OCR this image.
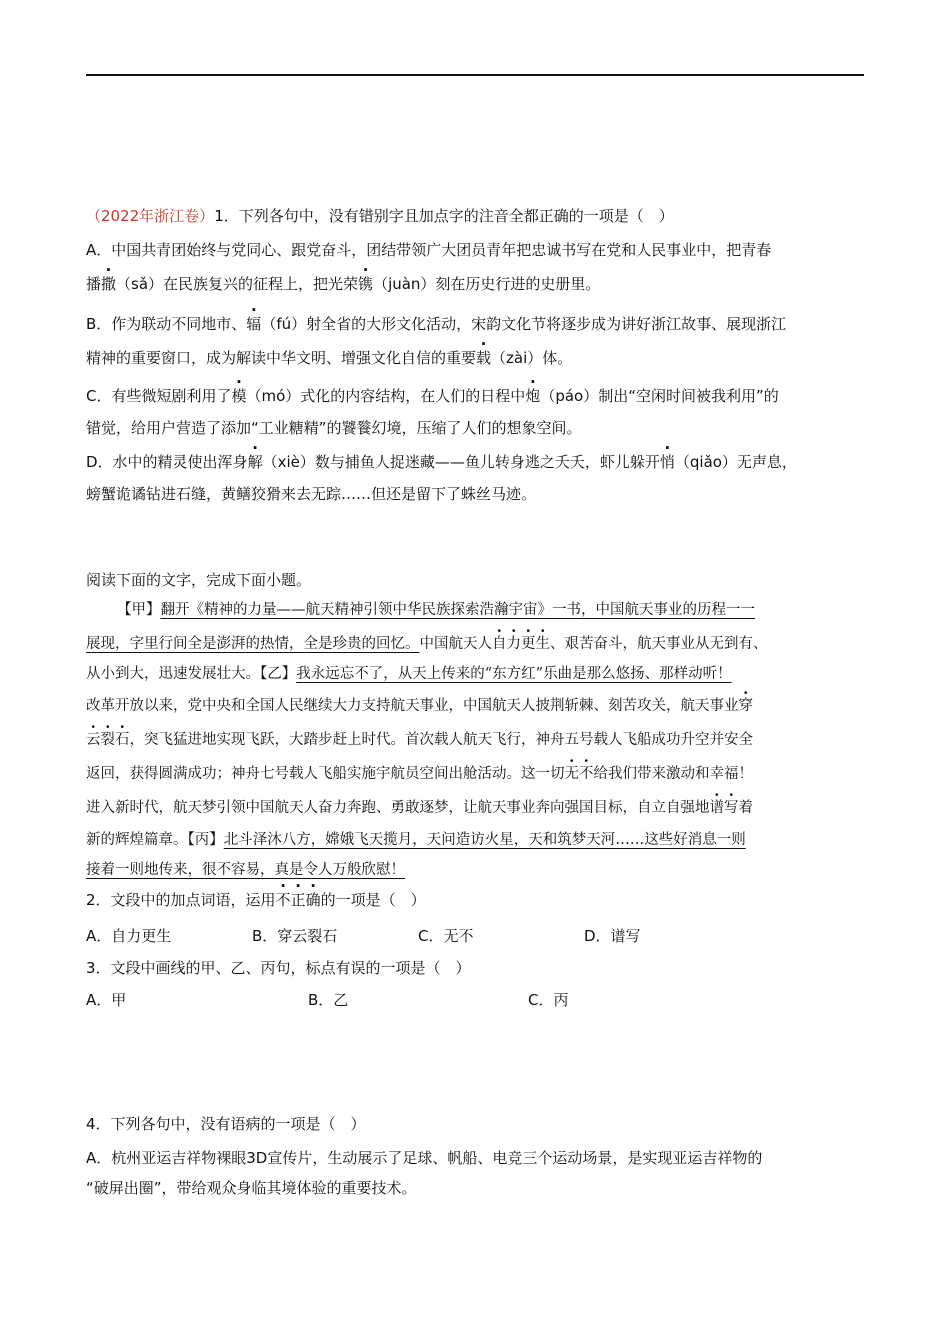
（2022年浙江卷）1．下列各句中，没有错别字且加点字的注音全都正确的一项是（　）
A．中国共青团始终与党同心、跟党奋斗，团结带领广大团员青年把忠诚书写在党和人民事业中，把青春
播撒（sǎ）在民族复兴的征程上，把光荣镌（juàn）刻在历史行进的史册里。
B．作为联动不同地市、辐（fú）射全省的大形文化活动，宋韵文化节将逐步成为讲好浙江故事、展现浙江
精神的重要窗口，成为解读中华文明、增强文化自信的重要载（zài）体。
C．有些微短剧利用了模（mó）式化的内容结构，在人们的日程中炮（páo）制出“空闲时间被我利用”的
错觉，给用户营造了添加“工业糖精”的饕餮幻境，压缩了人们的想象空间。
D．水中的精灵使出浑身解（xiè）数与捕鱼人捉迷藏——鱼儿转身逃之夭夭，虾儿躲开悄（qiǎo）无声息，
螃蟹诡谲钻进石缝，黄鳝狡猾来去无踪……但还是留下了蛛丝马迹。
阅读下面的文字，完成下面小题。
【甲】翻开《精神的力量——航天精神引领中华民族探索浩瀚宇宙》一书，中国航天事业的历程一一
展现，字里行间全是澎湃的热情，全是珍贵的回忆。中国航天人自力更生、艰苦奋斗，航天事业从无到有、
从小到大，迅速发展壮大。【乙】我永远忘不了，从天上传来的“东方红”乐曲是那么悠扬、那样动听！
改革开放以来，党中央和全国人民继续大力支持航天事业，中国航天人披荆斩棘、刻苦攻关，航天事业穿
云裂石，突飞猛进地实现飞跃，大踏步赶上时代。首次载人航天飞行，神舟五号载人飞船成功升空并安全
返回，获得圆满成功；神舟七号载人飞船实施宇航员空间出舱活动。这一切无不给我们带来激动和幸福！
进入新时代，航天梦引领中国航天人奋力奔跑、勇敢逐梦，让航天事业奔向强国目标，自立自强地谱写着
新的辉煌篇章。【丙】北斗泽沐八方，嫦娥飞天揽月，天问造访火星，天和筑梦天河……这些好消息一则
接着一则地传来，很不容易，真是令人万般欣慰！
2．文段中的加点词语，运用不正确的一项是（　）
A．自力更生	B．穿云裂石	C．无不	D．谱写
3．文段中画线的甲、乙、丙句，标点有误的一项是（　）
A．甲	B．乙	C．丙
4．下列各句中，没有语病的一项是（　）
A．杭州亚运吉祥物裸眼3D宣传片，生动展示了足球、帆船、电竞三个运动场景，是实现亚运吉祥物的
“破屏出圈”，带给观众身临其境体验的重要技术。
